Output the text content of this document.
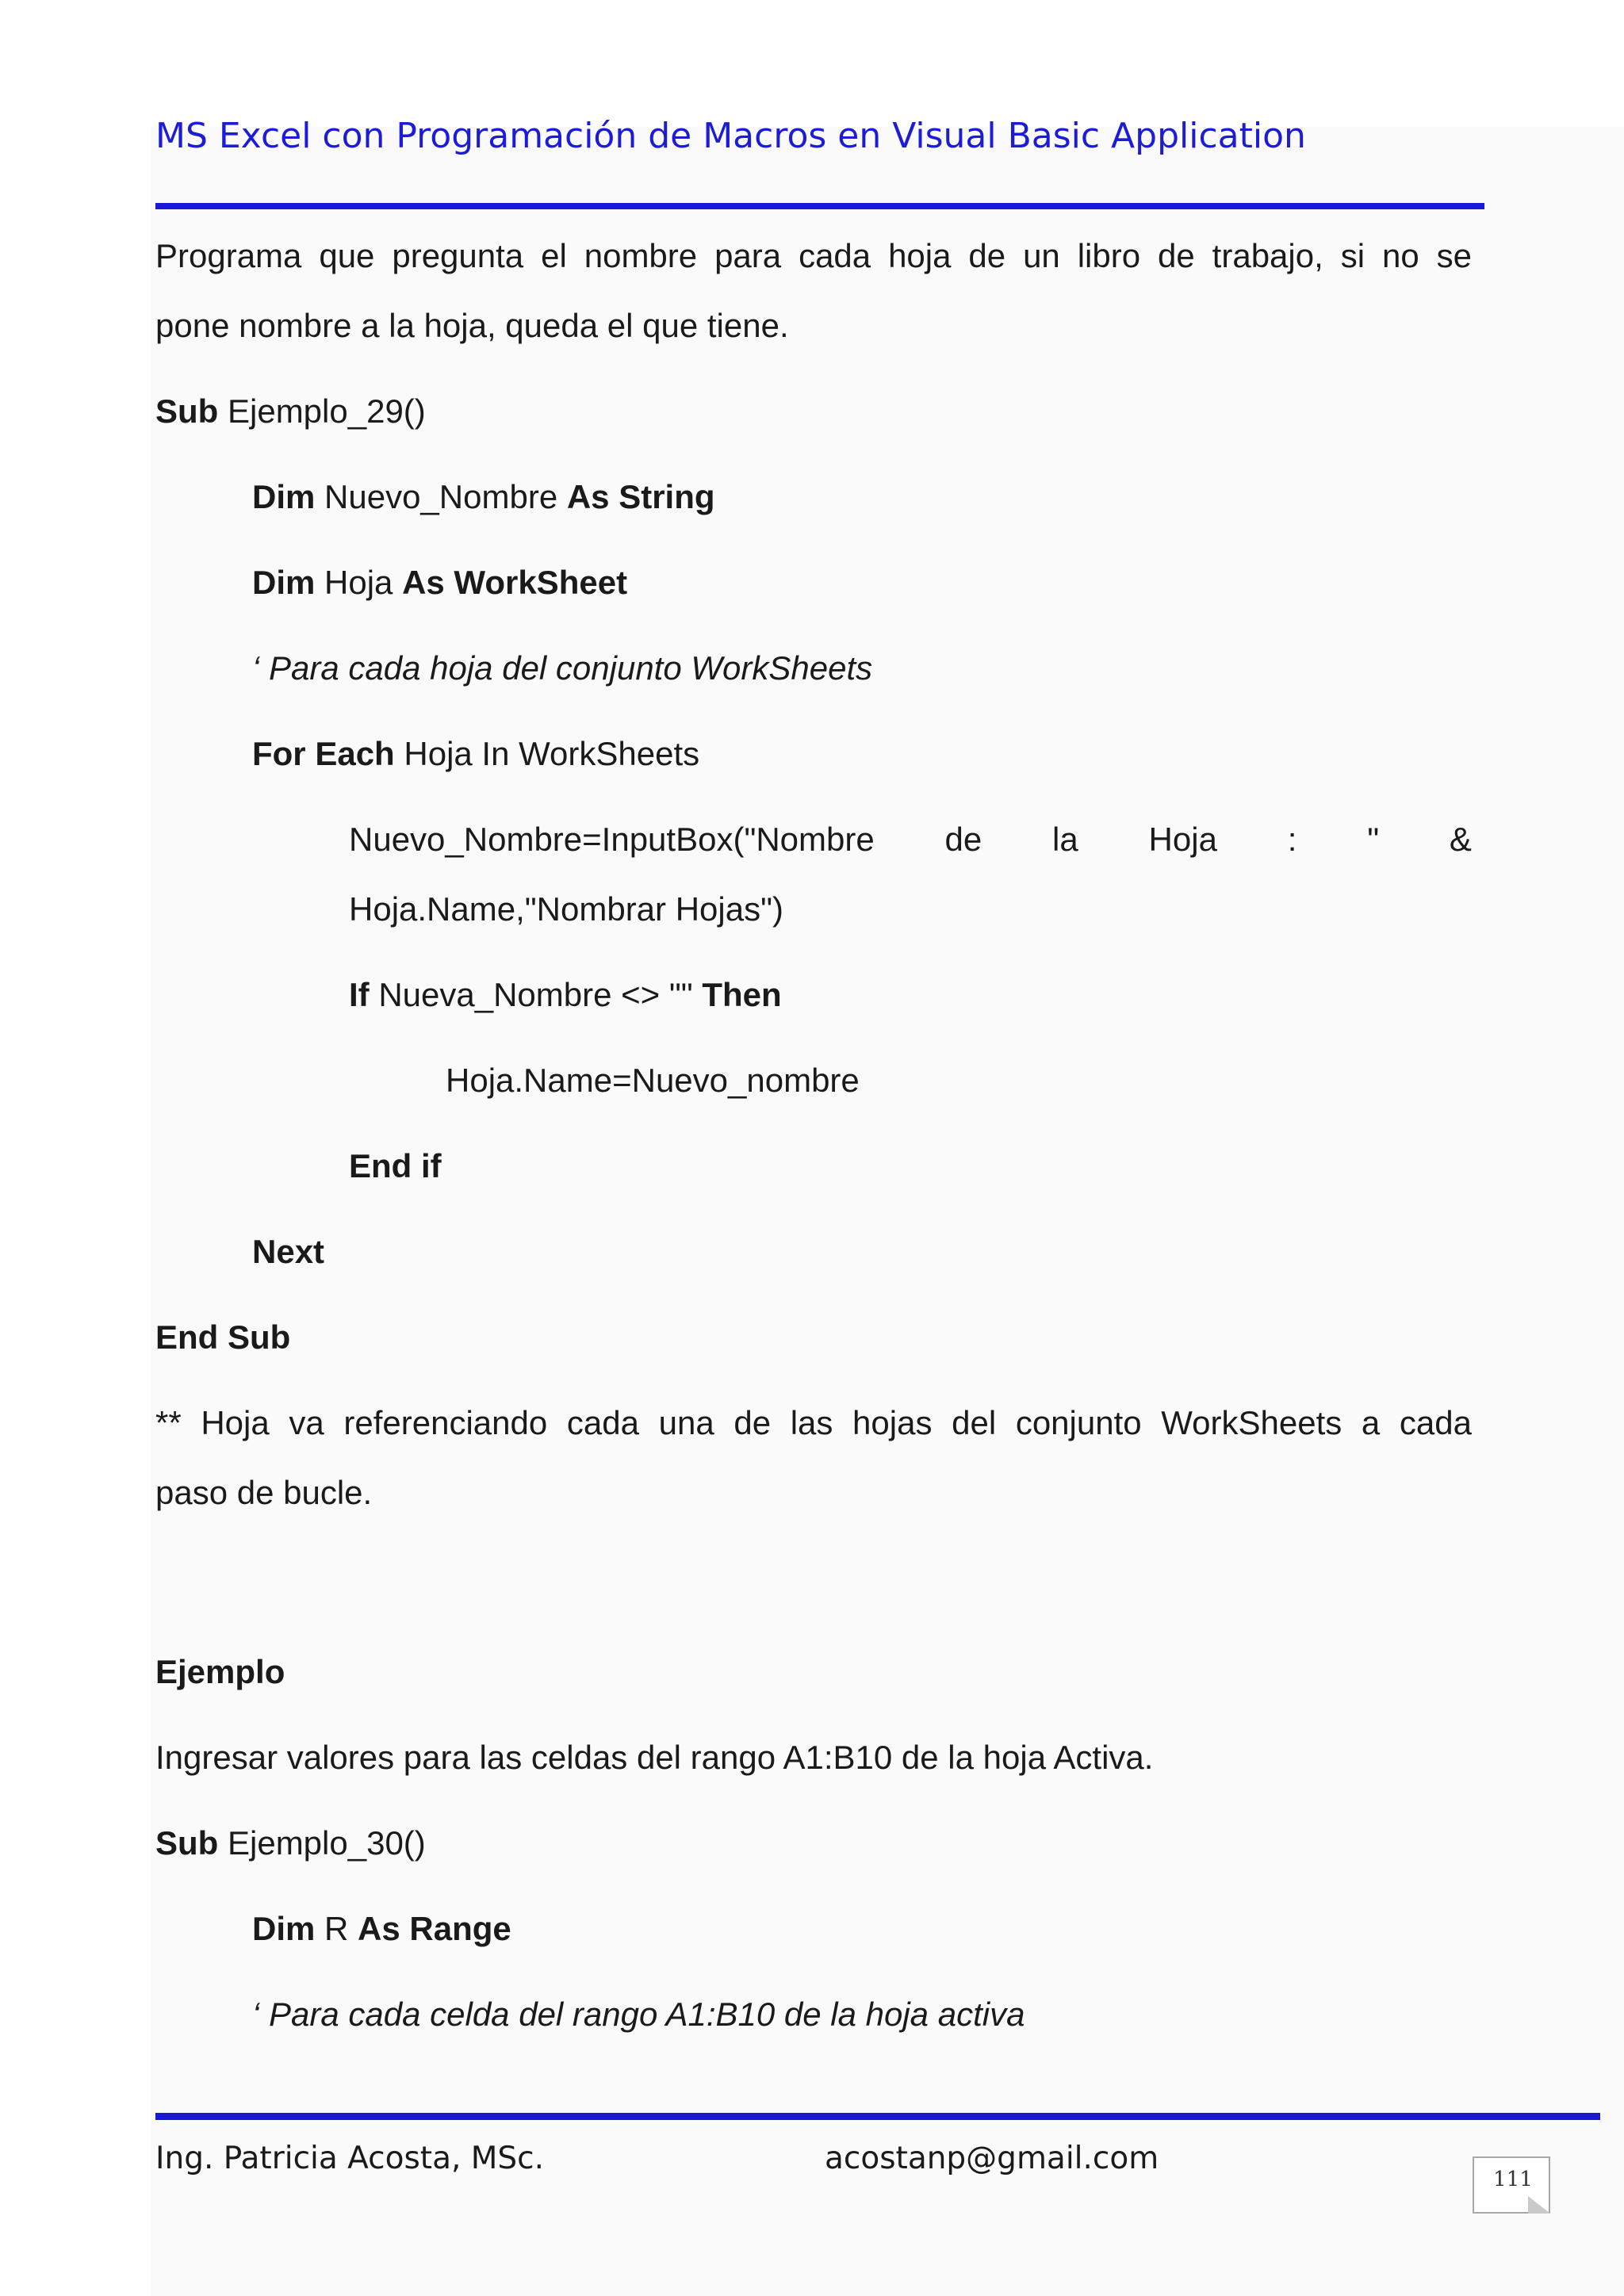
MS Excel con Programación de Macros en Visual Basic Application
Programa que pregunta el nombre para cada hoja de un libro de trabajo, si no se
pone nombre a la hoja, queda el que tiene.
Sub Ejemplo_29()
Dim Nuevo_Nombre As String
Dim Hoja As WorkSheet
‘ Para cada hoja del conjunto WorkSheets
For Each Hoja In WorkSheets
Nuevo_Nombre=InputBox("Nombre de la Hoja : " &
Hoja.Name,"Nombrar Hojas")
If Nueva_Nombre <> "" Then
Hoja.Name=Nuevo_nombre
End if
Next
End Sub
** Hoja va referenciando cada una de las hojas del conjunto WorkSheets a cada
paso de bucle.
Ejemplo
Ingresar valores para las celdas del rango A1:B10 de la hoja Activa.
Sub Ejemplo_30()
Dim R As Range
‘ Para cada celda del rango A1:B10 de la hoja activa
Ing. Patricia Acosta, MSc.	acostanp@gmail.com
111
